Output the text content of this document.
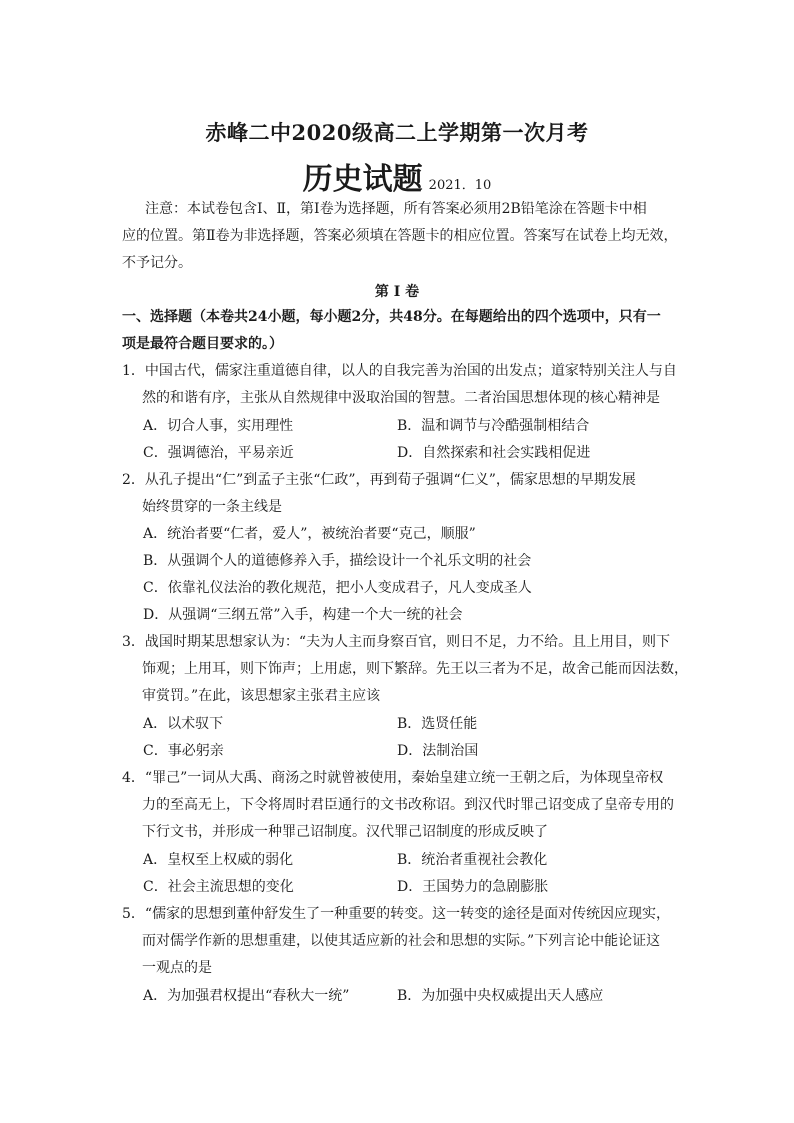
赤峰二中2020级高二上学期第一次月考
历史试题 2021．10
注意：本试卷包含Ⅰ、Ⅱ，第Ⅰ卷为选择题，所有答案必须用2B铅笔涂在答题卡中相
应的位置。第Ⅱ卷为非选择题，答案必须填在答题卡的相应位置。答案写在试卷上均无效，
不予记分。
第 Ⅰ 卷
一、选择题（本卷共24小题，每小题2分，共48分。在每题给出的四个选项中，只有一
项是最符合题目要求的。）
1．中国古代，儒家注重道德自律，以人的自我完善为治国的出发点；道家特别关注人与自
然的和谐有序，主张从自然规律中汲取治国的智慧。二者治国思想体现的核心精神是
A．切合人事，实用理性	B．温和调节与冷酷强制相结合
C．强调德治，平易亲近	D．自然探索和社会实践相促进
2．从孔子提出“仁”到孟子主张“仁政”，再到荀子强调“仁义”，儒家思想的早期发展
始终贯穿的一条主线是
A．统治者要“仁者，爱人”，被统治者要“克己，顺服”
B．从强调个人的道德修养入手，描绘设计一个礼乐文明的社会
C．依靠礼仪法治的教化规范，把小人变成君子，凡人变成圣人
D．从强调“三纲五常”入手，构建一个大一统的社会
3．战国时期某思想家认为：“夫为人主而身察百官，则日不足，力不给。且上用目，则下
饰观；上用耳，则下饰声；上用虑，则下繁辞。先王以三者为不足，故舍己能而因法数，
审赏罚。”在此，该思想家主张君主应该
A．以术驭下	B．选贤任能
C．事必躬亲	D．法制治国
4．“罪己”一词从大禹、商汤之时就曾被使用，秦始皇建立统一王朝之后，为体现皇帝权
力的至高无上，下令将周时君臣通行的文书改称诏。到汉代时罪己诏变成了皇帝专用的
下行文书，并形成一种罪己诏制度。汉代罪己诏制度的形成反映了
A．皇权至上权威的弱化	B．统治者重视社会教化
C．社会主流思想的变化	D．王国势力的急剧膨胀
5．“儒家的思想到董仲舒发生了一种重要的转变。这一转变的途径是面对传统因应现实，
而对儒学作新的思想重建，以使其适应新的社会和思想的实际。”下列言论中能论证这
一观点的是
A．为加强君权提出“春秋大一统”	B．为加强中央权威提出天人感应
